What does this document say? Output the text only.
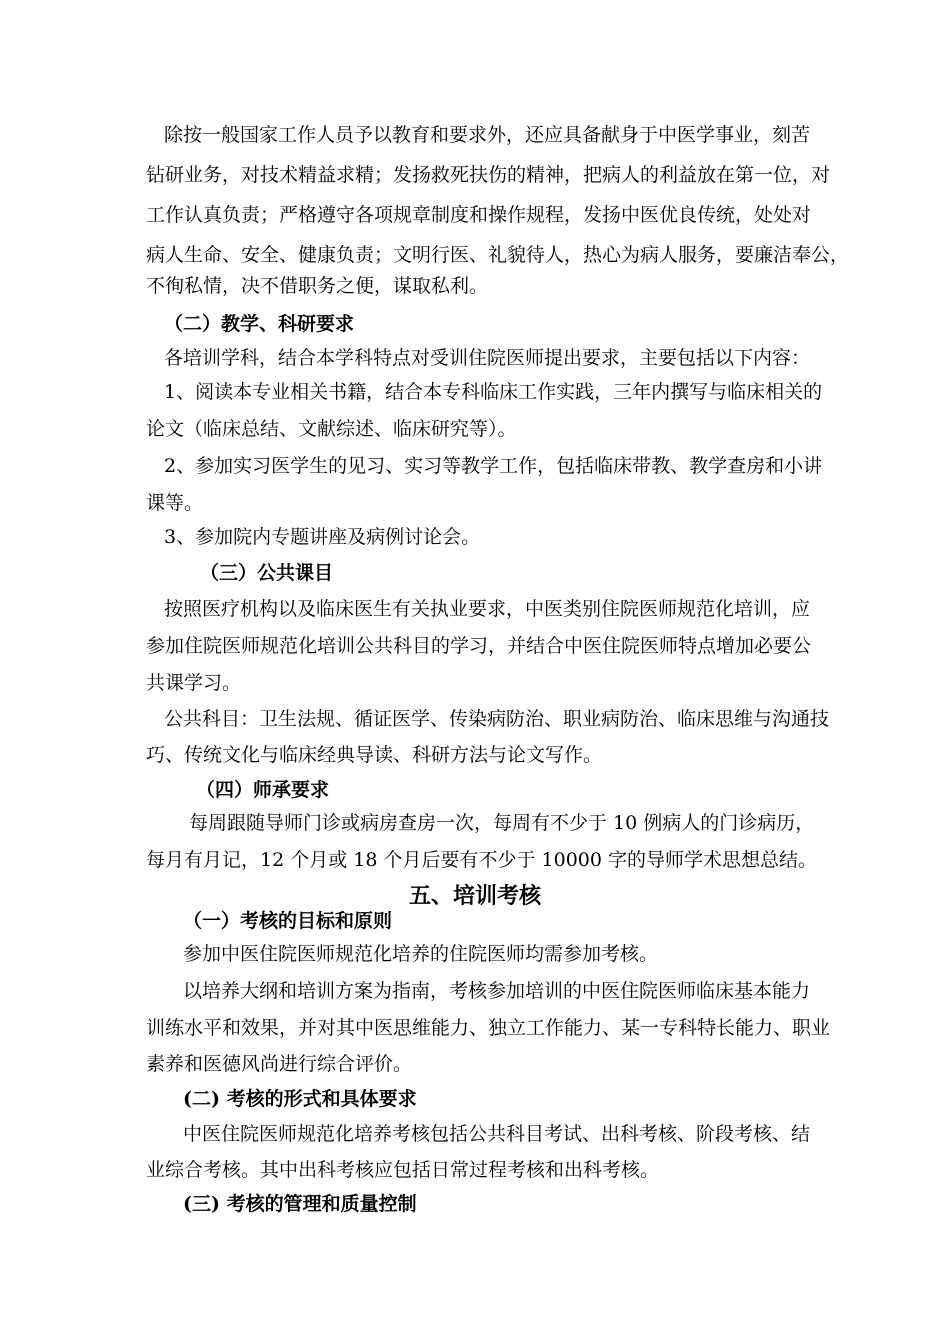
除按一般国家工作人员予以教育和要求外，还应具备献身于中医学事业，刻苦
钻研业务，对技术精益求精；发扬救死扶伤的精神，把病人的利益放在第一位，对
工作认真负责；严格遵守各项规章制度和操作规程，发扬中医优良传统，处处对
病人生命、安全、健康负责；文明行医、礼貌待人，热心为病人服务，要廉洁奉公，
不徇私情，决不借职务之便，谋取私利。
（二）教学、科研要求
各培训学科，结合本学科特点对受训住院医师提出要求，主要包括以下内容：
1、阅读本专业相关书籍，结合本专科临床工作实践，三年内撰写与临床相关的
论文（临床总结、文献综述、临床研究等）。
2、参加实习医学生的见习、实习等教学工作，包括临床带教、教学查房和小讲
课等。
3、参加院内专题讲座及病例讨论会。
（三）公共课目
按照医疗机构以及临床医生有关执业要求，中医类别住院医师规范化培训，应
参加住院医师规范化培训公共科目的学习，并结合中医住院医师特点增加必要公
共课学习。
公共科目：卫生法规、循证医学、传染病防治、职业病防治、临床思维与沟通技
巧、传统文化与临床经典导读、科研方法与论文写作。
（四）师承要求
每周跟随导师门诊或病房查房一次，每周有不少于 10 例病人的门诊病历，
每月有月记，12 个月或 18 个月后要有不少于 10000 字的导师学术思想总结。
五、培训考核
（一）考核的目标和原则
参加中医住院医师规范化培养的住院医师均需参加考核。
以培养大纲和培训方案为指南，考核参加培训的中医住院医师临床基本能力
训练水平和效果，并对其中医思维能力、独立工作能力、某一专科特长能力、职业
素养和医德风尚进行综合评价。
(二) 考核的形式和具体要求
中医住院医师规范化培养考核包括公共科目考试、出科考核、阶段考核、结
业综合考核。其中出科考核应包括日常过程考核和出科考核。
(三) 考核的管理和质量控制
